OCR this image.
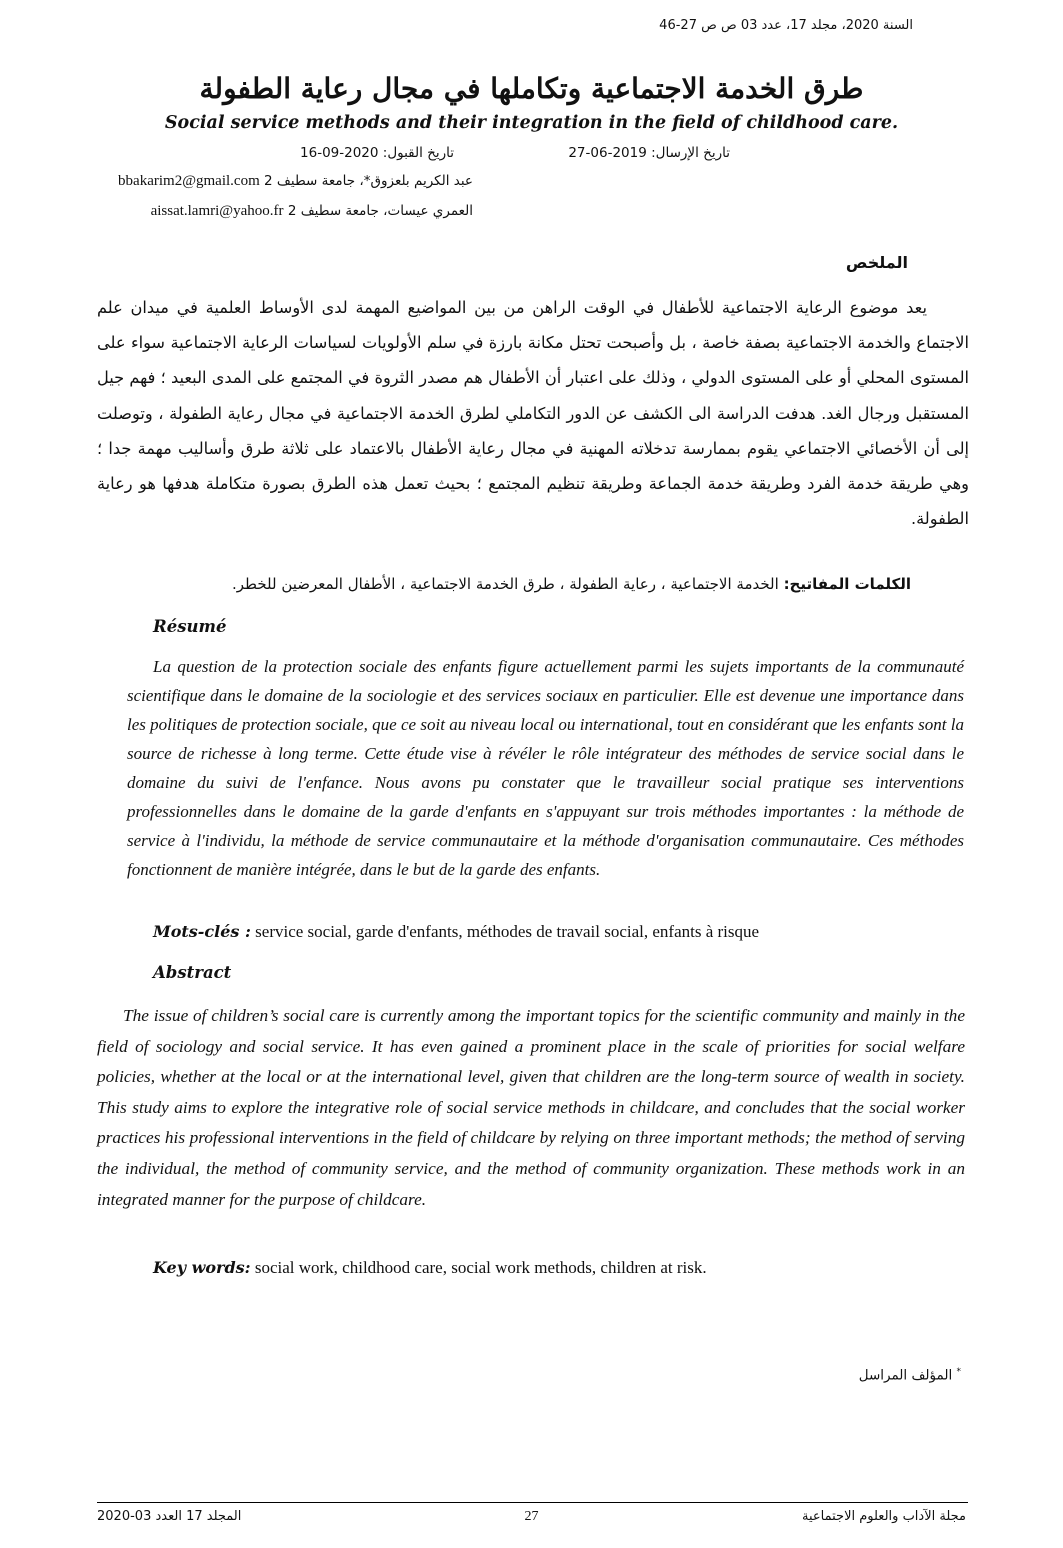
السنة 2020، مجلد 17، عدد 03 ص ص 27-46
طرق الخدمة الاجتماعية وتكاملها في مجال رعاية الطفولة
Social service methods and their integration in the field of childhood care.
تاريخ الإرسال: 2019-06-27
تاريخ القبول: 2020-09-16
عبد الكريم بلعزوق*، جامعة سطيف 2 bbakarim2@gmail.com
العمري عيسات، جامعة سطيف 2 aissat.lamri@yahoo.fr
الملخص

يعد موضوع الرعاية الاجتماعية للأطفال في الوقت الراهن من بين المواضيع المهمة لدى الأوساط العلمية في ميدان علم الاجتماع والخدمة الاجتماعية بصفة خاصة ، بل وأصبحت تحتل مكانة بارزة في سلم الأولويات لسياسات الرعاية الاجتماعية سواء على المستوى المحلي أو على المستوى الدولي ، وذلك على اعتبار أن الأطفال هم مصدر الثروة في المجتمع على المدى البعيد ؛ فهم جيل المستقبل ورجال الغد. هدفت الدراسة الى الكشف عن الدور التكاملي لطرق الخدمة الاجتماعية في مجال رعاية الطفولة ، وتوصلت إلى أن الأخصائي الاجتماعي يقوم بممارسة تدخلاته المهنية في مجال رعاية الأطفال بالاعتماد على ثلاثة طرق وأساليب مهمة جدا ؛ وهي طريقة خدمة الفرد وطريقة خدمة الجماعة وطريقة تنظيم المجتمع ؛ بحيث تعمل هذه الطرق بصورة متكاملة هدفها هو رعاية الطفولة.

الكلمات المفاتيح: الخدمة الاجتماعية ، رعاية الطفولة ، طرق الخدمة الاجتماعية ، الأطفال المعرضين للخطر.
Résumé

La question de la protection sociale des enfants figure actuellement parmi les sujets importants de la communauté scientifique dans le domaine de la sociologie et des services sociaux en particulier. Elle est devenue une importance dans les politiques de protection sociale, que ce soit au niveau local ou international, tout en considérant que les enfants sont la source de richesse à long terme. Cette étude vise à révéler le rôle intégrateur des méthodes de service social dans le domaine du suivi de l'enfance. Nous avons pu constater que le travailleur social pratique ses interventions professionnelles dans le domaine de la garde d'enfants en s'appuyant sur trois méthodes importantes : la méthode de service à l'individu, la méthode de service communautaire et la méthode d'organisation communautaire. Ces méthodes fonctionnent de manière intégrée, dans le but de la garde des enfants.

Mots-clés : service social, garde d'enfants, méthodes de travail social, enfants à risque
Abstract

The issue of children’s social care is currently among the important topics for the scientific community and mainly in the field of sociology and social service. It has even gained a prominent place in the scale of priorities for social welfare policies, whether at the local or at the international level, given that children are the long-term source of wealth in society. This study aims to explore the integrative role of social service methods in childcare, and concludes that the social worker practices his professional interventions in the field of childcare by relying on three important methods; the method of serving the individual, the method of community service, and the method of community organization. These methods work in an integrated manner for the purpose of childcare.

Key words: social work, childhood care, social work methods, children at risk.
* المؤلف المراسل
مجلة الآداب والعلوم الاجتماعية
27
المجلد 17 العدد 03-2020
